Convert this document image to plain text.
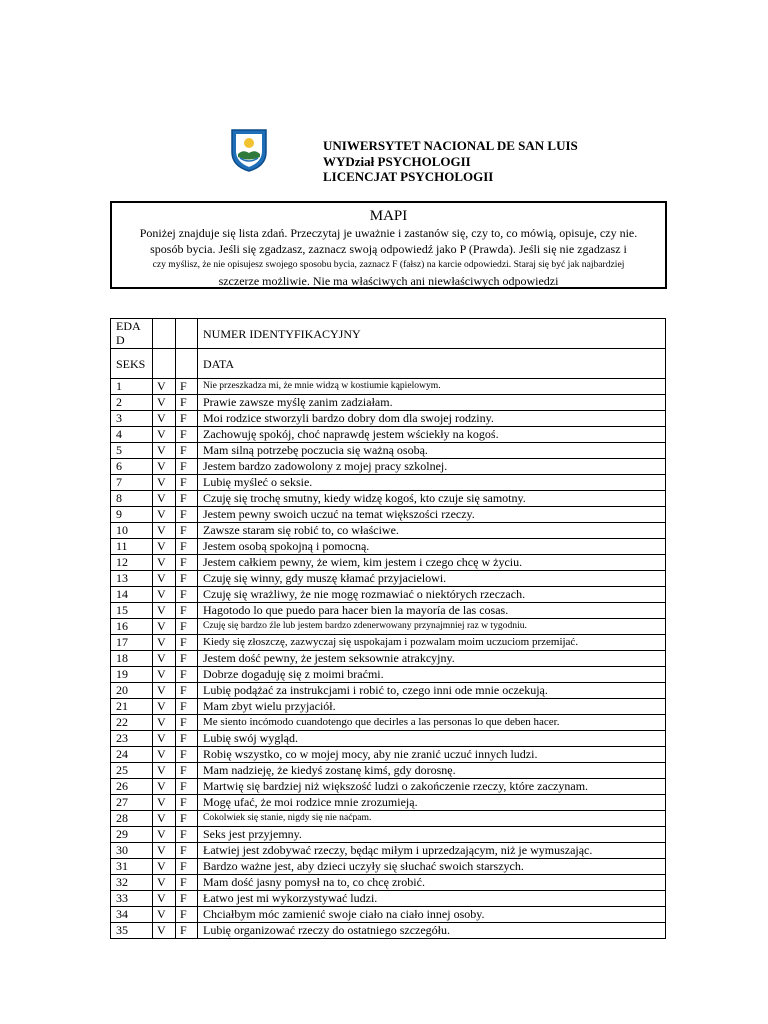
UNIWERSYTET NACIONAL DE SAN LUIS
WYDział PSYCHOLOGII
LICENCJAT PSYCHOLOGII
MAPI
Poniżej znajduje się lista zdań. Przeczytaj je uważnie i zastanów się, czy to, co mówią, opisuje, czy nie.
sposób bycia. Jeśli się zgadzasz, zaznacz swoją odpowiedź jako P (Prawda). Jeśli się nie zgadzasz i
czy myślisz, że nie opisujesz swojego sposobu bycia, zaznacz F (fałsz) na karcie odpowiedzi. Staraj się być jak najbardziej
szczerze możliwie. Nie ma właściwych ani niewłaściwych odpowiedzi
EDA D			NUMER IDENTYFIKACYJNY
SEKS			DATA
1	V	F	Nie przeszkadza mi, że mnie widzą w kostiumie kąpielowym.
2	V	F	Prawie zawsze myślę zanim zadziałam.
3	V	F	Moi rodzice stworzyli bardzo dobry dom dla swojej rodziny.
4	V	F	Zachowuję spokój, choć naprawdę jestem wściekły na kogoś.
5	V	F	Mam silną potrzebę poczucia się ważną osobą.
6	V	F	Jestem bardzo zadowolony z mojej pracy szkolnej.
7	V	F	Lubię myśleć o seksie.
8	V	F	Czuję się trochę smutny, kiedy widzę kogoś, kto czuje się samotny.
9	V	F	Jestem pewny swoich uczuć na temat większości rzeczy.
10	V	F	Zawsze staram się robić to, co właściwe.
11	V	F	Jestem osobą spokojną i pomocną.
12	V	F	Jestem całkiem pewny, że wiem, kim jestem i czego chcę w życiu.
13	V	F	Czuję się winny, gdy muszę kłamać przyjacielowi.
14	V	F	Czuję się wrażliwy, że nie mogę rozmawiać o niektórych rzeczach.
15	V	F	Hagotodo lo que puedo para hacer bien la mayoría de las cosas.
16	V	F	Czuję się bardzo źle lub jestem bardzo zdenerwowany przynajmniej raz w tygodniu.
17	V	F	Kiedy się złoszczę, zazwyczaj się uspokajam i pozwalam moim uczuciom przemijać.
18	V	F	Jestem dość pewny, że jestem seksownie atrakcyjny.
19	V	F	Dobrze dogaduję się z moimi braćmi.
20	V	F	Lubię podążać za instrukcjami i robić to, czego inni ode mnie oczekują.
21	V	F	Mam zbyt wielu przyjaciół.
22	V	F	Me siento incómodo cuandotengo que decirles a las personas lo que deben hacer.
23	V	F	Lubię swój wygląd.
24	V	F	Robię wszystko, co w mojej mocy, aby nie zranić uczuć innych ludzi.
25	V	F	Mam nadzieję, że kiedyś zostanę kimś, gdy dorosnę.
26	V	F	Martwię się bardziej niż większość ludzi o zakończenie rzeczy, które zaczynam.
27	V	F	Mogę ufać, że moi rodzice mnie zrozumieją.
28	V	F	Cokolwiek się stanie, nigdy się nie naćpam.
29	V	F	Seks jest przyjemny.
30	V	F	Łatwiej jest zdobywać rzeczy, będąc miłym i uprzedzającym, niż je wymuszając.
31	V	F	Bardzo ważne jest, aby dzieci uczyły się słuchać swoich starszych.
32	V	F	Mam dość jasny pomysł na to, co chcę zrobić.
33	V	F	Łatwo jest mi wykorzystywać ludzi.
34	V	F	Chciałbym móc zamienić swoje ciało na ciało innej osoby.
35	V	F	Lubię organizować rzeczy do ostatniego szczegółu.
